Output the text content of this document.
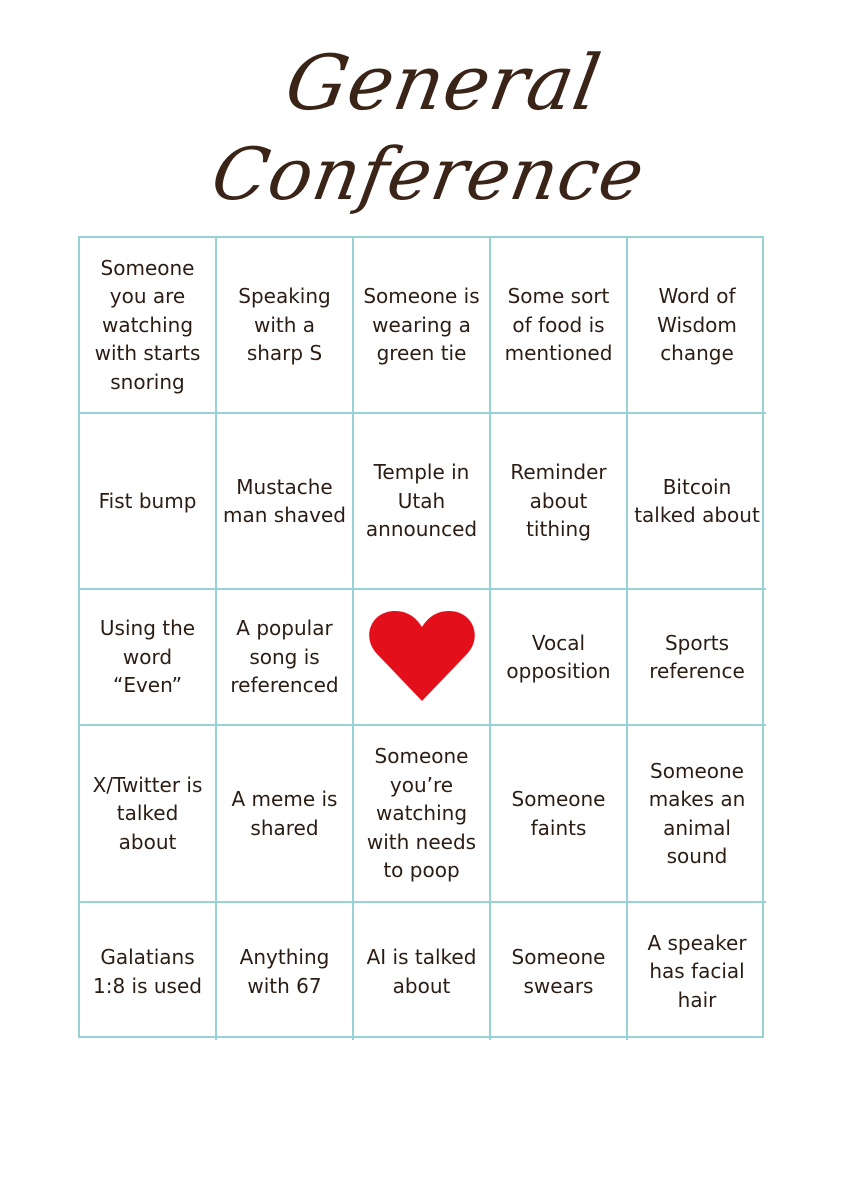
General
Conference
Someone you are watching with starts snoring
Speaking with a sharp S
Someone is wearing a green tie
Some sort of food is mentioned
Word of Wisdom change
Fist bump
Mustache man shaved
Temple in Utah announced
Reminder about tithing
Bitcoin talked about
Using the word “Even”
A popular song is referenced
Vocal opposition
Sports reference
X/Twitter is talked about
A meme is shared
Someone you’re watching with needs to poop
Someone faints
Someone makes an animal sound
Galatians 1:8 is used
Anything with 67
AI is talked about
Someone swears
A speaker has facial hair
